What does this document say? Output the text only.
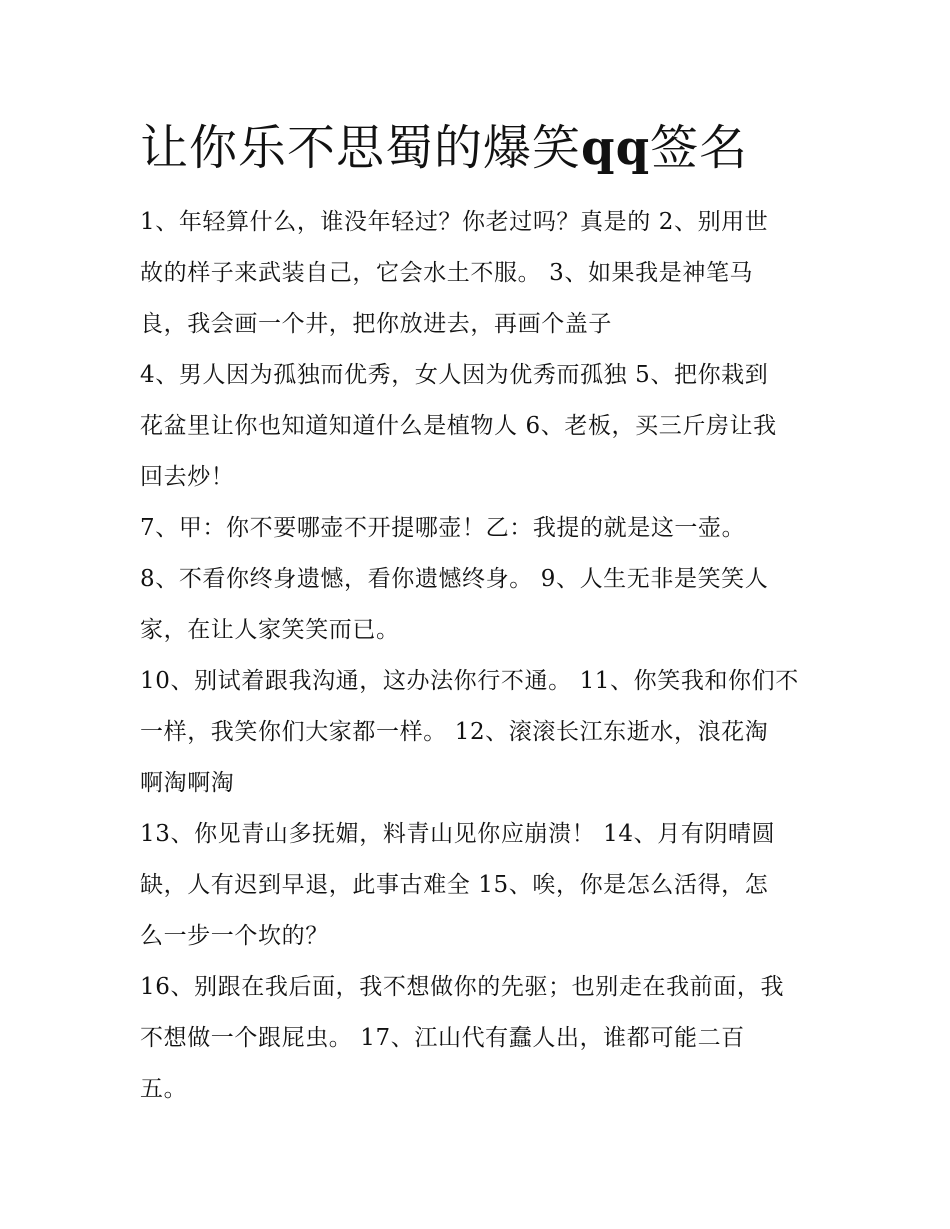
让你乐不思蜀的爆笑qq签名

1、年轻算什么，谁没年轻过？你老过吗？真是的 2、别用世

故的样子来武装自己，它会水土不服。 3、如果我是神笔马

良，我会画一个井，把你放进去，再画个盖子

4、男人因为孤独而优秀，女人因为优秀而孤独 5、把你栽到

花盆里让你也知道知道什么是植物人 6、老板，买三斤房让我

回去炒！

7、甲：你不要哪壶不开提哪壶！乙：我提的就是这一壶。

8、不看你终身遗憾，看你遗憾终身。 9、人生无非是笑笑人

家，在让人家笑笑而已。

10、别试着跟我沟通，这办法你行不通。 11、你笑我和你们不

一样，我笑你们大家都一样。 12、滚滚长江东逝水，浪花淘

啊淘啊淘

13、你见青山多抚媚，料青山见你应崩溃！ 14、月有阴晴圆

缺，人有迟到早退，此事古难全 15、唉，你是怎么活得，怎

么一步一个坎的？

16、别跟在我后面，我不想做你的先驱；也别走在我前面，我

不想做一个跟屁虫。 17、江山代有蠢人出，谁都可能二百

五。
